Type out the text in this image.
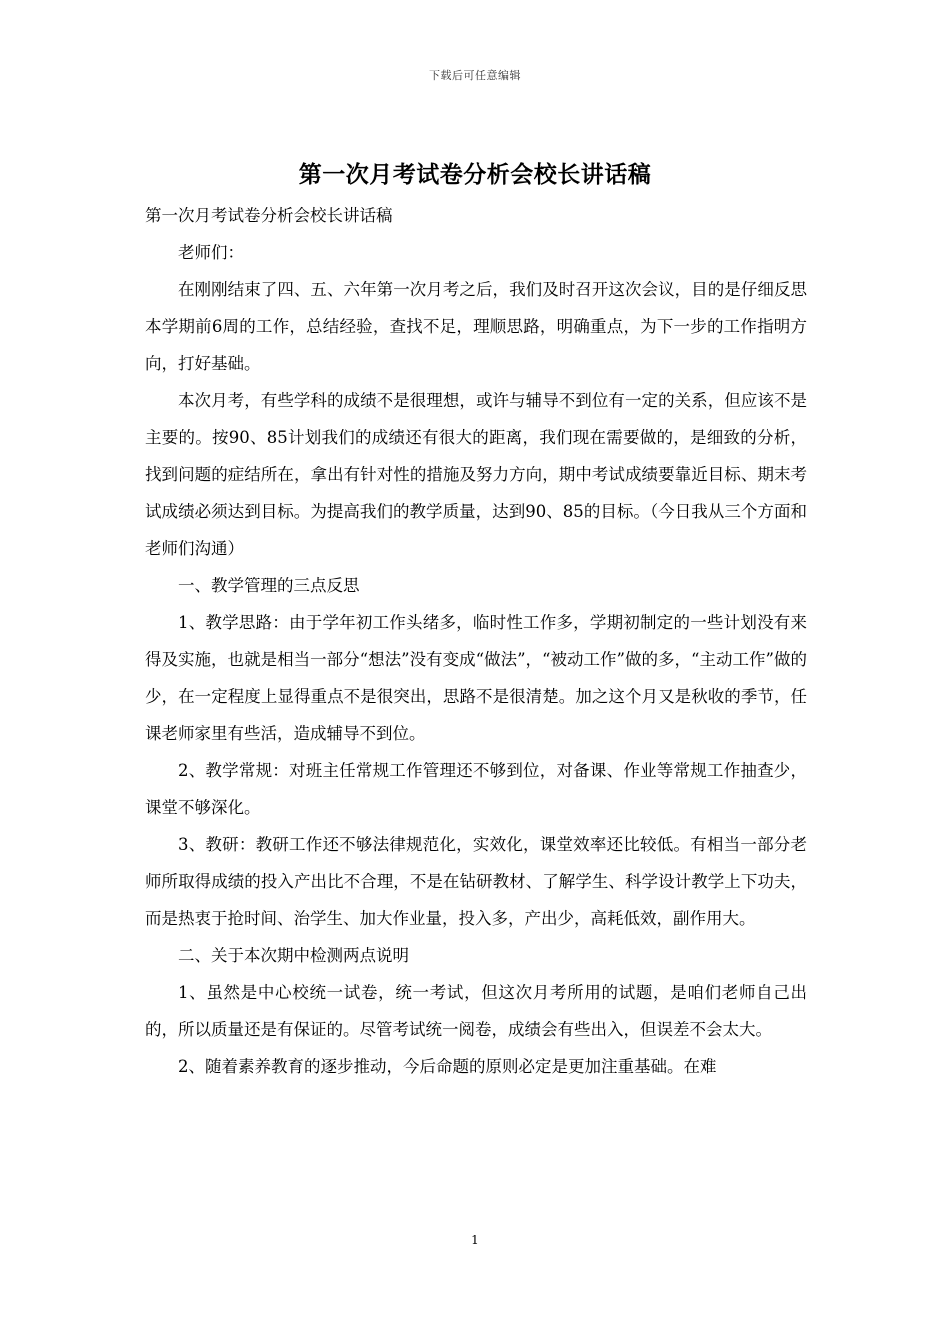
下载后可任意编辑
第一次月考试卷分析会校长讲话稿

第一次月考试卷分析会校长讲话稿

老师们：

在刚刚结束了四、五、六年第一次月考之后，我们及时召开这次会议，目的是仔细反思本学期前6周的工作，总结经验，查找不足，理顺思路，明确重点，为下一步的工作指明方向，打好基础。

本次月考，有些学科的成绩不是很理想，或许与辅导不到位有一定的关系，但应该不是主要的。按90、85计划我们的成绩还有很大的距离，我们现在需要做的，是细致的分析，找到问题的症结所在，拿出有针对性的措施及努力方向，期中考试成绩要靠近目标、期末考试成绩必须达到目标。为提高我们的教学质量，达到90、85的目标。（今日我从三个方面和老师们沟通）

一、教学管理的三点反思

1、教学思路：由于学年初工作头绪多，临时性工作多，学期初制定的一些计划没有来得及实施，也就是相当一部分“想法”没有变成“做法”，“被动工作”做的多，“主动工作”做的少，在一定程度上显得重点不是很突出，思路不是很清楚。加之这个月又是秋收的季节，任课老师家里有些活，造成辅导不到位。

2、教学常规：对班主任常规工作管理还不够到位，对备课、作业等常规工作抽查少，课堂不够深化。

3、教研：教研工作还不够法律规范化，实效化，课堂效率还比较低。有相当一部分老师所取得成绩的投入产出比不合理，不是在钻研教材、了解学生、科学设计教学上下功夫，而是热衷于抢时间、治学生、加大作业量，投入多，产出少，高耗低效，副作用大。

二、关于本次期中检测两点说明

1、虽然是中心校统一试卷，统一考试，但这次月考所用的试题，是咱们老师自己出的，所以质量还是有保证的。尽管考试统一阅卷，成绩会有些出入，但误差不会太大。

2、随着素养教育的逐步推动，今后命题的原则必定是更加注重基础。在难

1
